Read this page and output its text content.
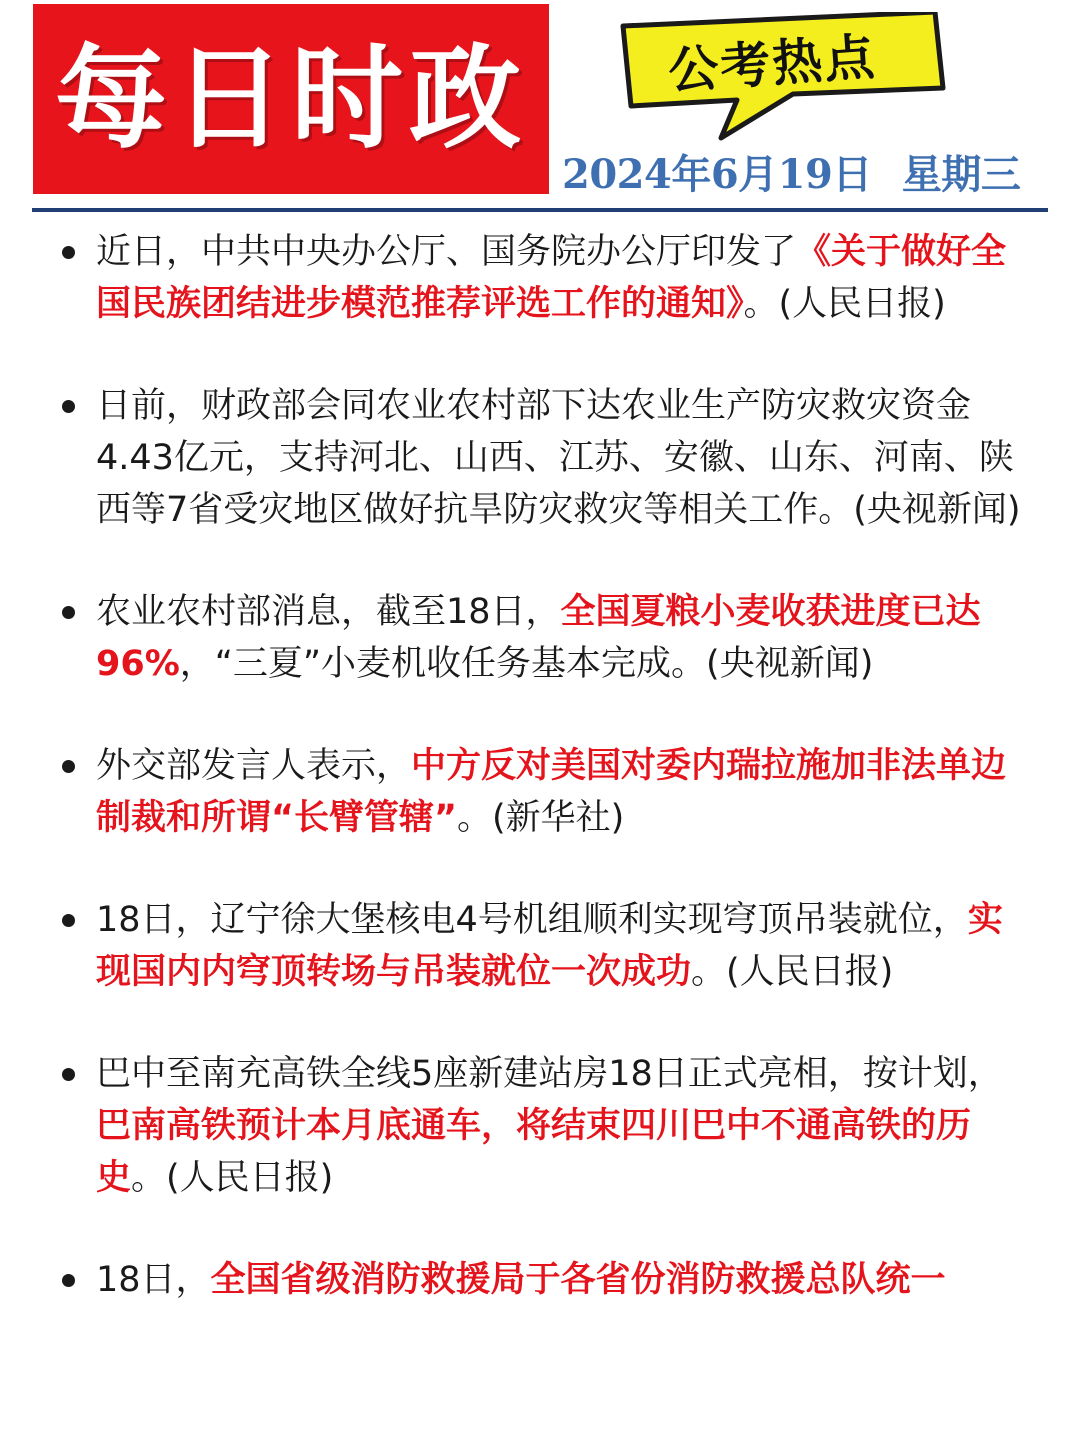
每日时政	公考热点
2024年6月19日 星期三
近日，中共中央办公厅、国务院办公厅印发了《关于做好全国民族团结进步模范推荐评选工作的通知》。(人民日报)
日前，财政部会同农业农村部下达农业生产防灾救灾资金4.43亿元，支持河北、山西、江苏、安徽、山东、河南、陕西等7省受灾地区做好抗旱防灾救灾等相关工作。(央视新闻)
农业农村部消息，截至18日，全国夏粮小麦收获进度已达96%，“三夏”小麦机收任务基本完成。(央视新闻)
外交部发言人表示，中方反对美国对委内瑞拉施加非法单边制裁和所谓“长臂管辖”。(新华社)
18日，辽宁徐大堡核电4号机组顺利实现穹顶吊装就位，实现国内内穹顶转场与吊装就位一次成功。(人民日报)
巴中至南充高铁全线5座新建站房18日正式亮相，按计划，巴南高铁预计本月底通车，将结束四川巴中不通高铁的历史。(人民日报)
18日，全国省级消防救援局于各省份消防救援总队统一
